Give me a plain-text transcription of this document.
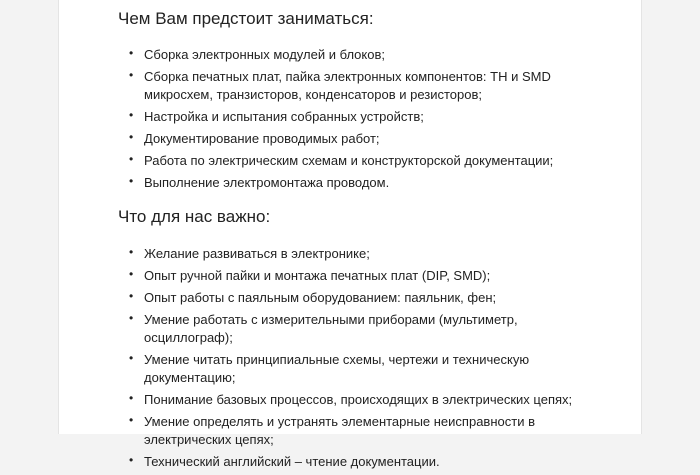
Чем Вам предстоит заниматься:
• Сборка электронных модулей и блоков;
• Сборка печатных плат, пайка электронных компонентов: ТН и SMD микросхем, транзисторов, конденсаторов и резисторов;
• Настройка и испытания собранных устройств;
• Документирование проводимых работ;
• Работа по электрическим схемам и конструкторской документации;
• Выполнение электромонтажа проводом.
Что для нас важно:
• Желание развиваться в электронике;
• Опыт ручной пайки и монтажа печатных плат (DIP, SMD);
• Опыт работы с паяльным оборудованием: паяльник, фен;
• Умение работать с измерительными приборами (мультиметр, осциллограф);
• Умение читать принципиальные схемы, чертежи и техническую документацию;
• Понимание базовых процессов, происходящих в электрических цепях;
• Умение определять и устранять элементарные неисправности в электрических цепях;
• Технический английский – чтение документации.
